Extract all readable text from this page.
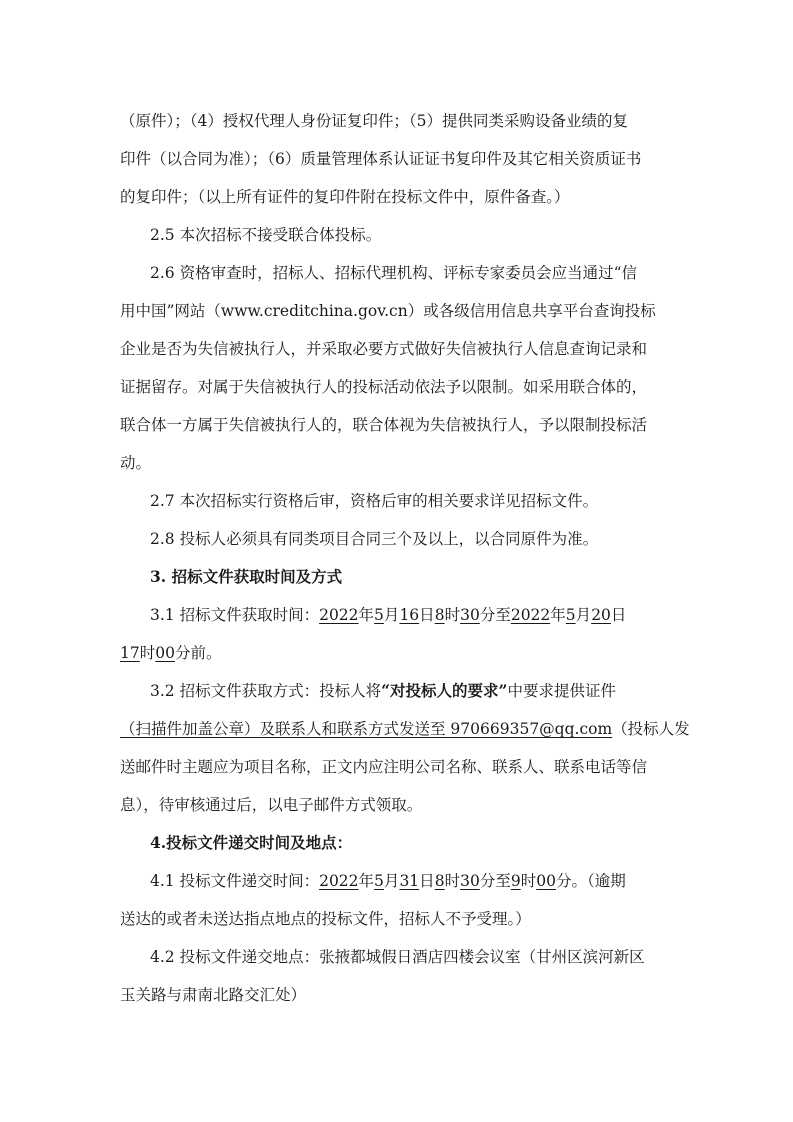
（原件）；（4）授权代理人身份证复印件；（5）提供同类采购设备业绩的复
印件（以合同为准）；（6）质量管理体系认证证书复印件及其它相关资质证书
的复印件；（以上所有证件的复印件附在投标文件中，原件备查。）
2.5 本次招标不接受联合体投标。
2.6 资格审查时，招标人、招标代理机构、评标专家委员会应当通过“信
用中国”网站（www.creditchina.gov.cn）或各级信用信息共享平台查询投标
企业是否为失信被执行人，并采取必要方式做好失信被执行人信息查询记录和
证据留存。对属于失信被执行人的投标活动依法予以限制。如采用联合体的，
联合体一方属于失信被执行人的，联合体视为失信被执行人，予以限制投标活
动。
2.7 本次招标实行资格后审，资格后审的相关要求详见招标文件。
2.8 投标人必须具有同类项目合同三个及以上，以合同原件为准。
3. 招标文件获取时间及方式
3.1 招标文件获取时间：2022年5月16日8时30分至2022年5月20日
17时00分前。
3.2 招标文件获取方式：投标人将“对投标人的要求”中要求提供证件
（扫描件加盖公章）及联系人和联系方式发送至 970669357@qq.com（投标人发
送邮件时主题应为项目名称，正文内应注明公司名称、联系人、联系电话等信
息），待审核通过后，以电子邮件方式领取。
4.投标文件递交时间及地点：
4.1 投标文件递交时间：2022年5月31日8时30分至9时00分。（逾期
送达的或者未送达指点地点的投标文件，招标人不予受理。）
4.2 投标文件递交地点：张掖都城假日酒店四楼会议室（甘州区滨河新区
玉关路与肃南北路交汇处）
